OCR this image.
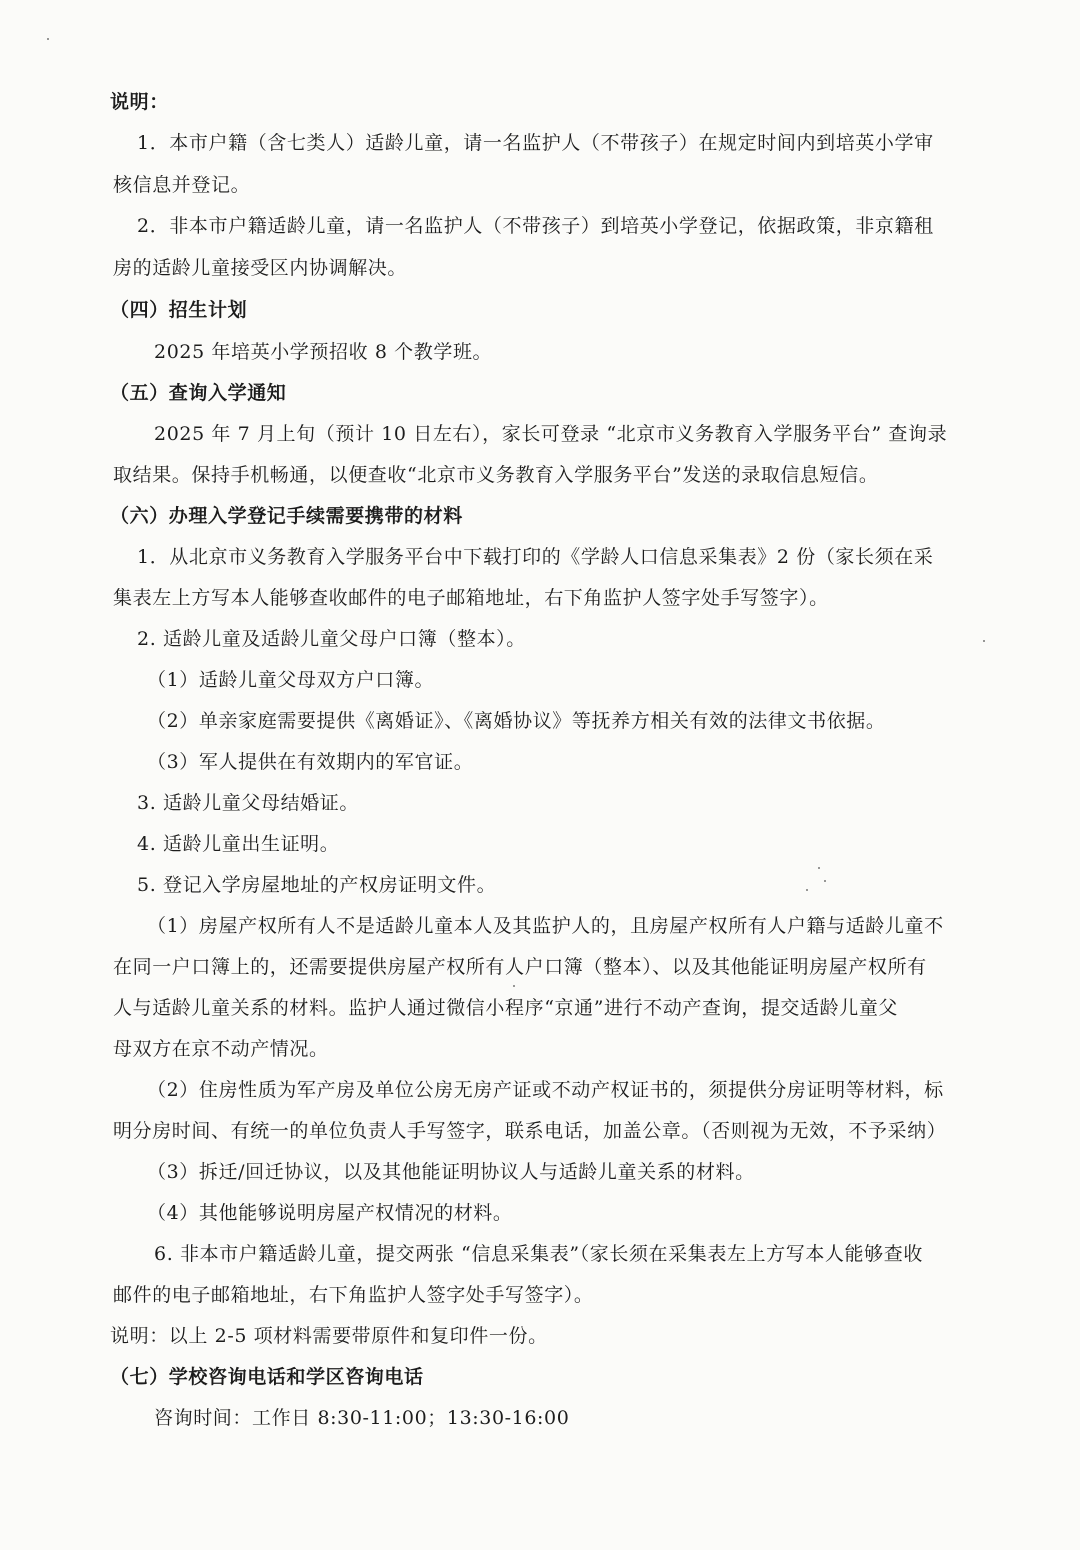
说明：

1．本市户籍（含七类人）适龄儿童，请一名监护人（不带孩子）在规定时间内到培英小学审

核信息并登记。

2．非本市户籍适龄儿童，请一名监护人（不带孩子）到培英小学登记，依据政策，非京籍租

房的适龄儿童接受区内协调解决。

（四）招生计划

2025 年培英小学预招收 8 个教学班。

（五）查询入学通知

2025 年 7 月上旬（预计 10 日左右），家长可登录 “北京市义务教育入学服务平台” 查询录

取结果。保持手机畅通，以便查收“北京市义务教育入学服务平台”发送的录取信息短信。

（六）办理入学登记手续需要携带的材料

1．从北京市义务教育入学服务平台中下载打印的《学龄人口信息采集表》2 份（家长须在采

集表左上方写本人能够查收邮件的电子邮箱地址，右下角监护人签字处手写签字）。

2. 适龄儿童及适龄儿童父母户口簿（整本）。

（1）适龄儿童父母双方户口簿。

（2）单亲家庭需要提供《离婚证》、《离婚协议》等抚养方相关有效的法律文书依据。

（3）军人提供在有效期内的军官证。

3. 适龄儿童父母结婚证。

4. 适龄儿童出生证明。

5. 登记入学房屋地址的产权房证明文件。

（1）房屋产权所有人不是适龄儿童本人及其监护人的，且房屋产权所有人户籍与适龄儿童不

在同一户口簿上的，还需要提供房屋产权所有人户口簿（整本）、以及其他能证明房屋产权所有

人与适龄儿童关系的材料。监护人通过微信小程序“京通”进行不动产查询，提交适龄儿童父

母双方在京不动产情况。

（2）住房性质为军产房及单位公房无房产证或不动产权证书的，须提供分房证明等材料，标

明分房时间、有统一的单位负责人手写签字，联系电话，加盖公章。（否则视为无效，不予采纳）

（3）拆迁/回迁协议，以及其他能证明协议人与适龄儿童关系的材料。

（4）其他能够说明房屋产权情况的材料。

6. 非本市户籍适龄儿童，提交两张 “信息采集表”（家长须在采集表左上方写本人能够查收

邮件的电子邮箱地址，右下角监护人签字处手写签字）。

说明：以上 2-5 项材料需要带原件和复印件一份。

（七）学校咨询电话和学区咨询电话

咨询时间：工作日 8:30-11:00；13:30-16:00
